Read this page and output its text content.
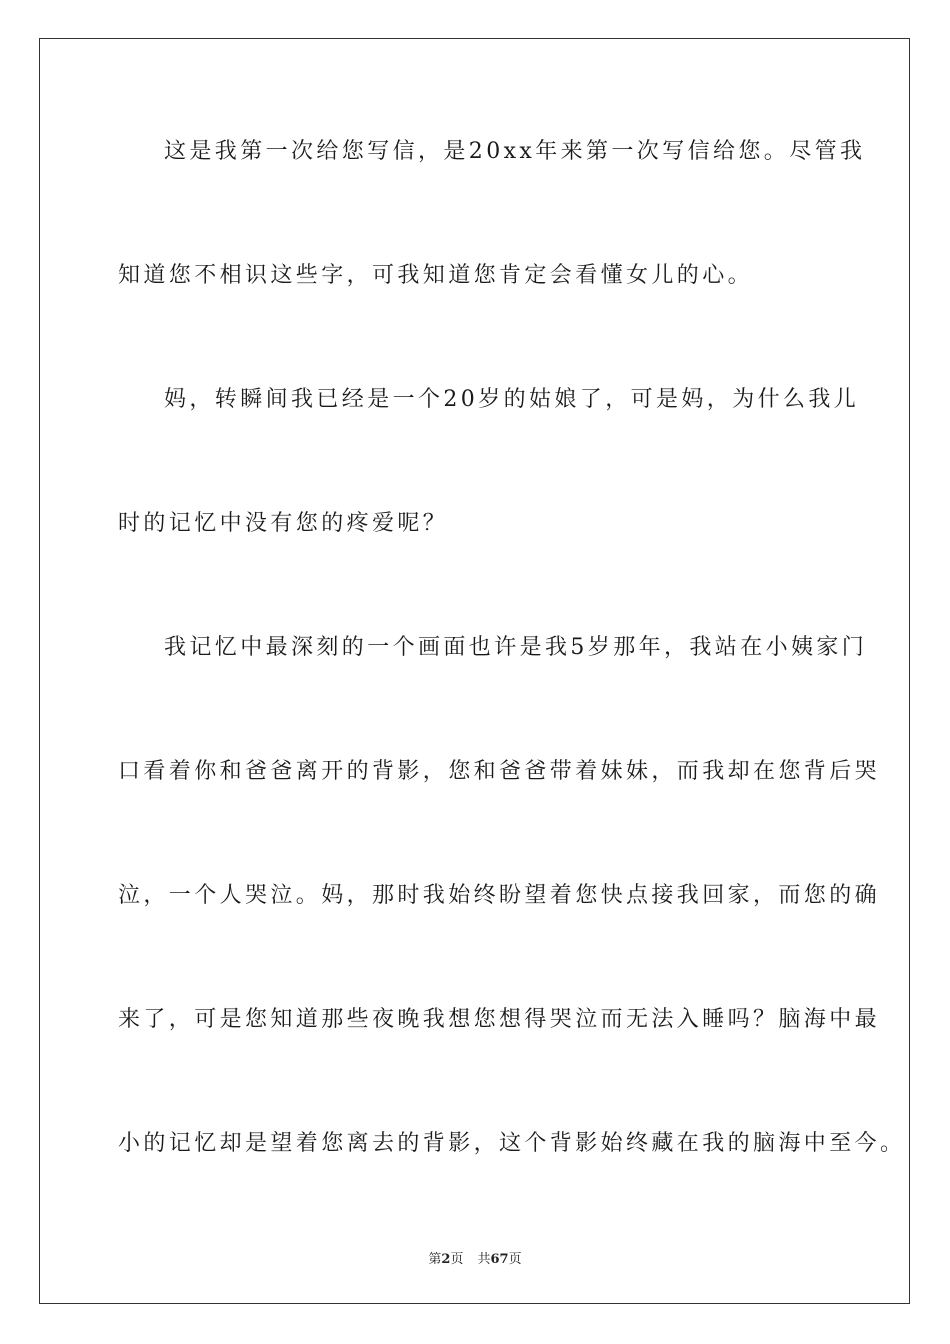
这是我第一次给您写信，是20xx年来第一次写信给您。尽管我
知道您不相识这些字，可我知道您肯定会看懂女儿的心。
妈，转瞬间我已经是一个20岁的姑娘了，可是妈，为什么我儿
时的记忆中没有您的疼爱呢？
我记忆中最深刻的一个画面也许是我5岁那年，我站在小姨家门
口看着你和爸爸离开的背影，您和爸爸带着妹妹，而我却在您背后哭
泣，一个人哭泣。妈，那时我始终盼望着您快点接我回家，而您的确
来了，可是您知道那些夜晚我想您想得哭泣而无法入睡吗？脑海中最
小的记忆却是望着您离去的背影，这个背影始终藏在我的脑海中至今。
第2页 共67页
